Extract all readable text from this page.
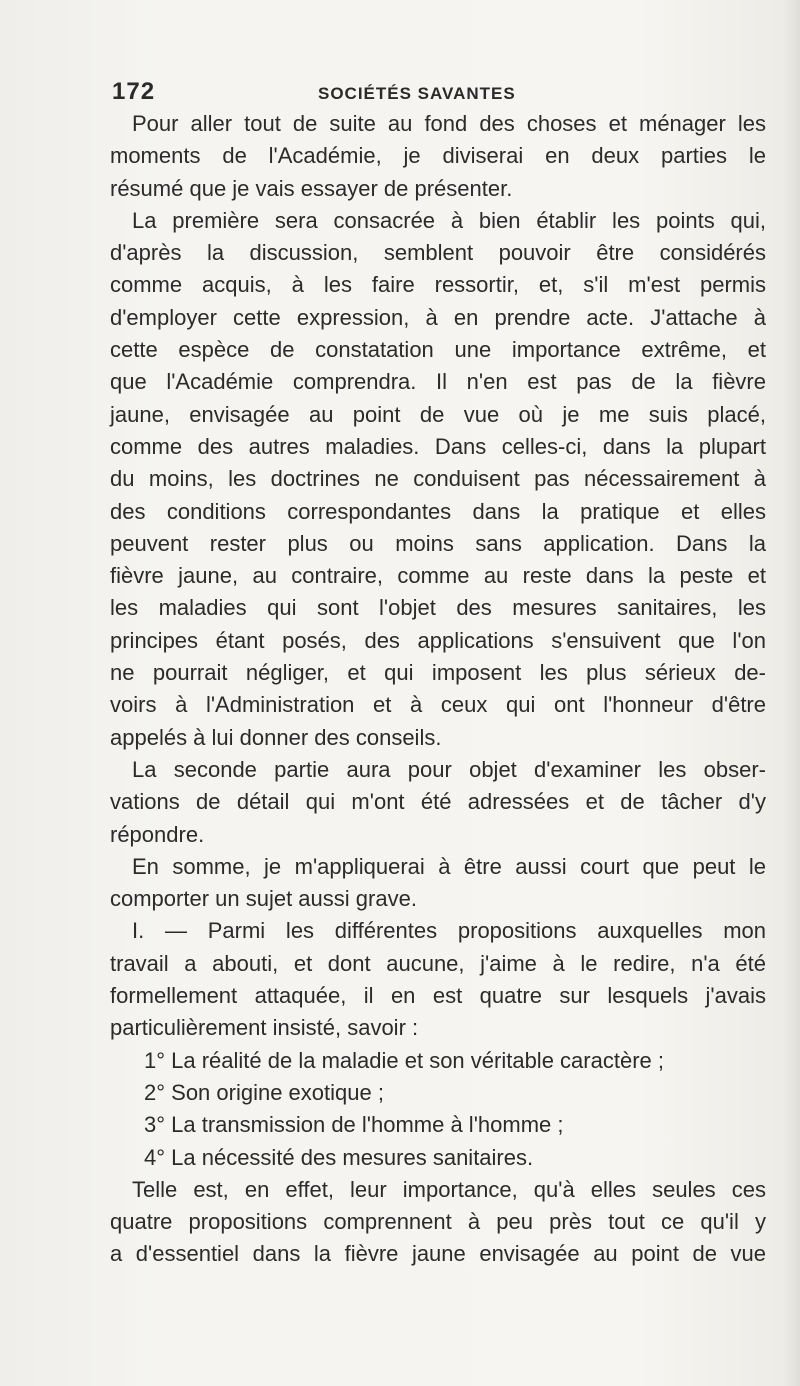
172	SOCIÉTÉS SAVANTES
Pour aller tout de suite au fond des choses et ménager les
moments de l'Académie, je diviserai en deux parties le
résumé que je vais essayer de présenter.
La première sera consacrée à bien établir les points qui,
d'après la discussion, semblent pouvoir être considérés
comme acquis, à les faire ressortir, et, s'il m'est permis
d'employer cette expression, à en prendre acte. J'attache à
cette espèce de constatation une importance extrême, et
que l'Académie comprendra. Il n'en est pas de la fièvre
jaune, envisagée au point de vue où je me suis placé,
comme des autres maladies. Dans celles-ci, dans la plupart
du moins, les doctrines ne conduisent pas nécessairement à
des conditions correspondantes dans la pratique et elles
peuvent rester plus ou moins sans application. Dans la
fièvre jaune, au contraire, comme au reste dans la peste et
les maladies qui sont l'objet des mesures sanitaires, les
principes étant posés, des applications s'ensuivent que l'on
ne pourrait négliger, et qui imposent les plus sérieux de-
voirs à l'Administration et à ceux qui ont l'honneur d'être
appelés à lui donner des conseils.
La seconde partie aura pour objet d'examiner les obser-
vations de détail qui m'ont été adressées et de tâcher d'y
répondre.
En somme, je m'appliquerai à être aussi court que peut le
comporter un sujet aussi grave.
I. — Parmi les différentes propositions auxquelles mon
travail a abouti, et dont aucune, j'aime à le redire, n'a été
formellement attaquée, il en est quatre sur lesquels j'avais
particulièrement insisté, savoir :
1° La réalité de la maladie et son véritable caractère ;
2° Son origine exotique ;
3° La transmission de l'homme à l'homme ;
4° La nécessité des mesures sanitaires.
Telle est, en effet, leur importance, qu'à elles seules ces
quatre propositions comprennent à peu près tout ce qu'il y
a d'essentiel dans la fièvre jaune envisagée au point de vue
